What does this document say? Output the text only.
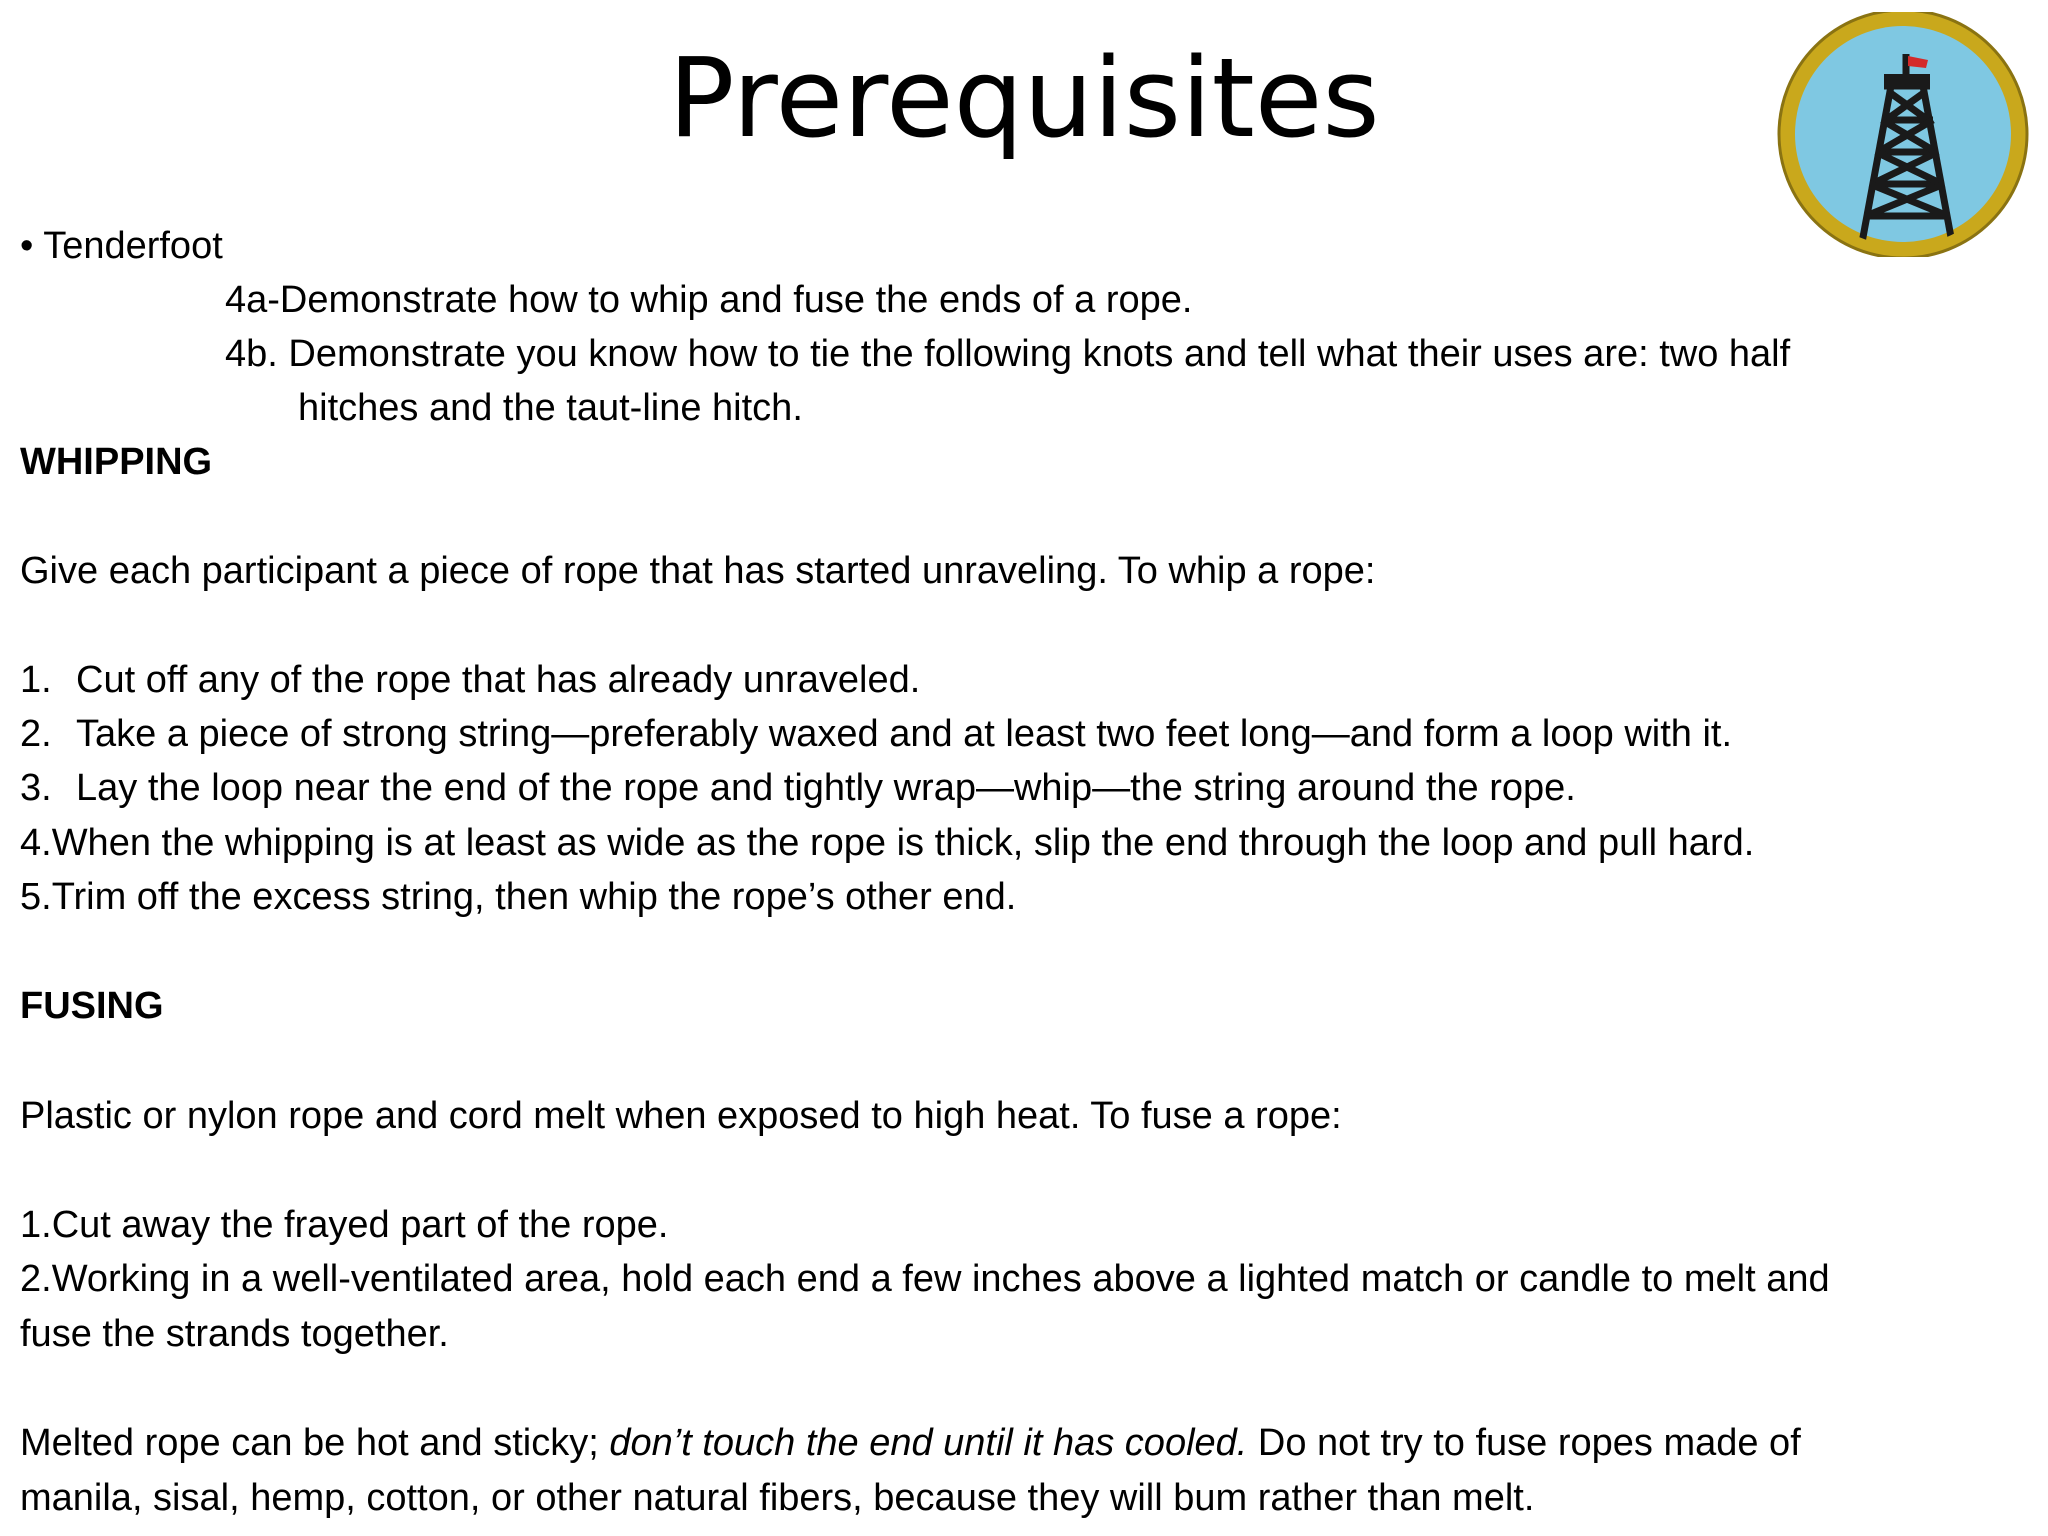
Prerequisites
• Tenderfoot
4a-Demonstrate how to whip and fuse the ends of a rope.
4b. Demonstrate you know how to tie the following knots and tell what their uses are: two half
hitches and the taut-line hitch.
WHIPPING
Give each participant a piece of rope that has started unraveling. To whip a rope:
1. Cut off any of the rope that has already unraveled.
2. Take a piece of strong string—preferably waxed and at least two feet long—and form a loop with it.
3. Lay the loop near the end of the rope and tightly wrap—whip—the string around the rope.
4.When the whipping is at least as wide as the rope is thick, slip the end through the loop and pull hard.
5.Trim off the excess string, then whip the rope’s other end.
FUSING
Plastic or nylon rope and cord melt when exposed to high heat. To fuse a rope:
1.Cut away the frayed part of the rope.
2.Working in a well-ventilated area, hold each end a few inches above a lighted match or candle to melt and
fuse the strands together.
Melted rope can be hot and sticky; don’t touch the end until it has cooled. Do not try to fuse ropes made of
manila, sisal, hemp, cotton, or other natural fibers, because they will bum rather than melt.
